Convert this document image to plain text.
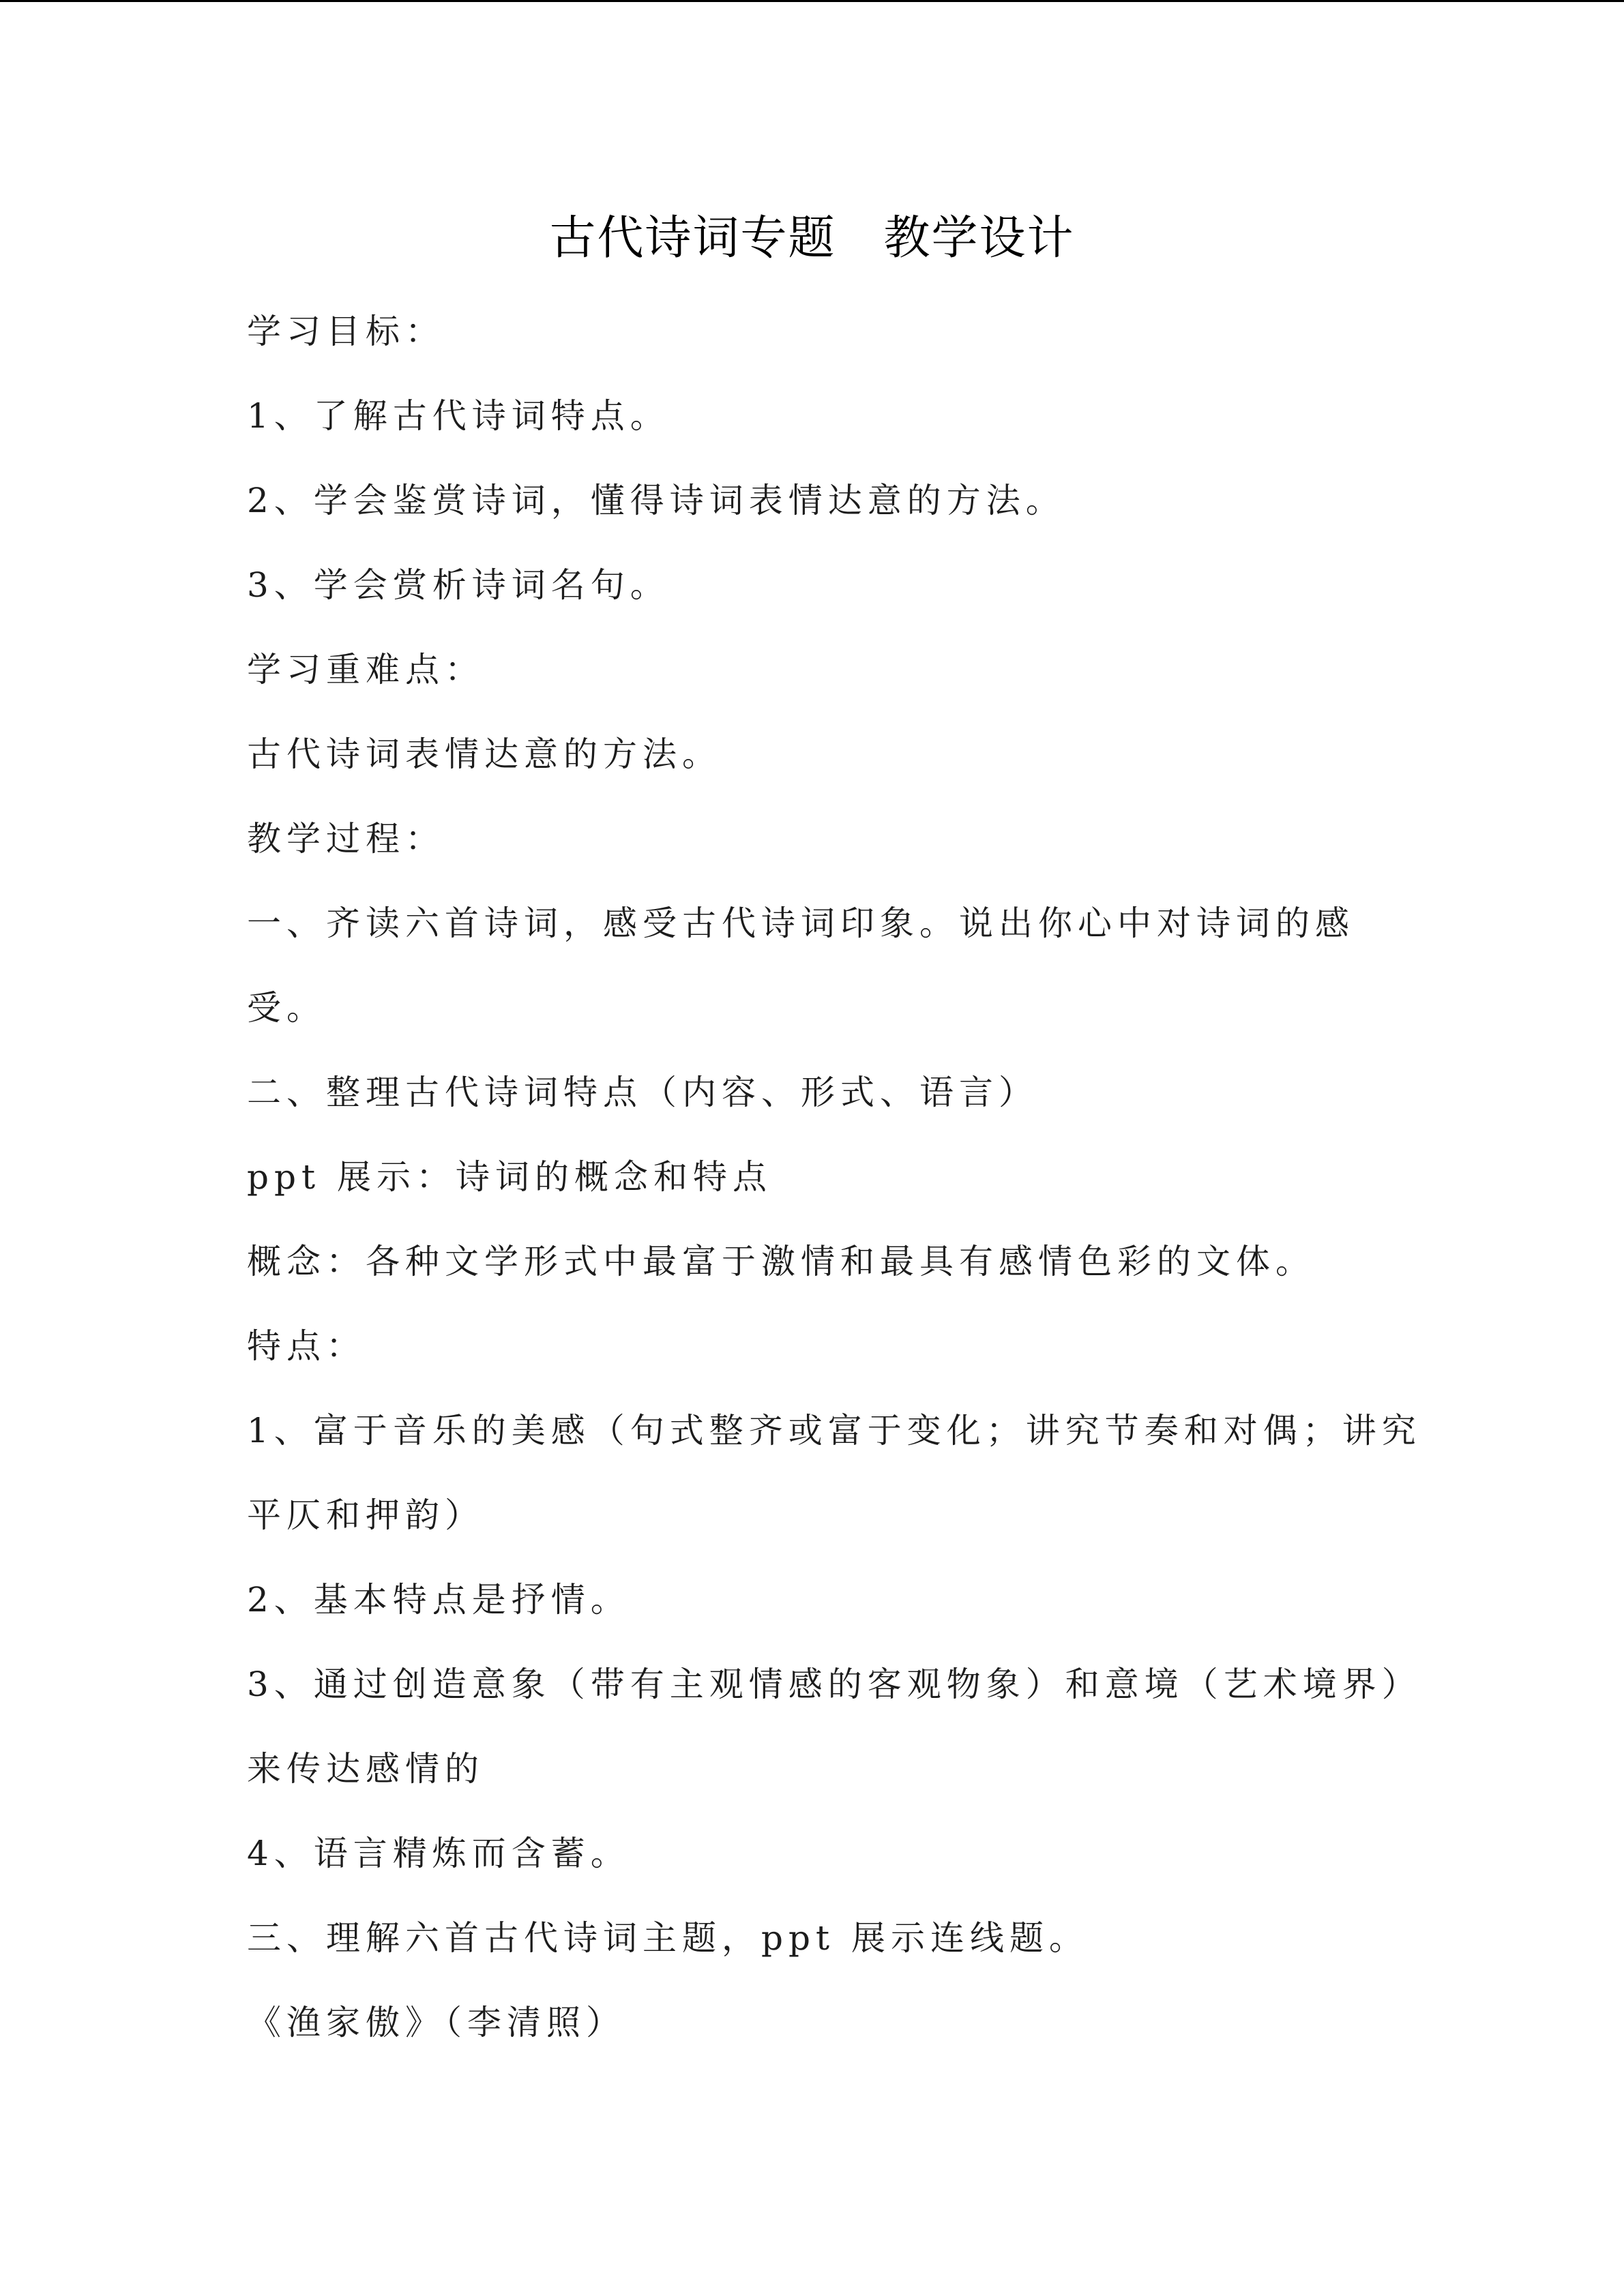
古代诗词专题　教学设计
学习目标：
1、了解古代诗词特点。
2、学会鉴赏诗词，懂得诗词表情达意的方法。
3、学会赏析诗词名句。
学习重难点：
古代诗词表情达意的方法。
教学过程：
一、齐读六首诗词，感受古代诗词印象。说出你心中对诗词的感
受。
二、整理古代诗词特点（内容、形式、语言）
ppt 展示：诗词的概念和特点
概念：各种文学形式中最富于激情和最具有感情色彩的文体。
特点：
1、富于音乐的美感（句式整齐或富于变化；讲究节奏和对偶；讲究
平仄和押韵）
2、基本特点是抒情。
3、通过创造意象（带有主观情感的客观物象）和意境（艺术境界）
来传达感情的
4、语言精炼而含蓄。
三、理解六首古代诗词主题，ppt 展示连线题。
《渔家傲》（李清照）
